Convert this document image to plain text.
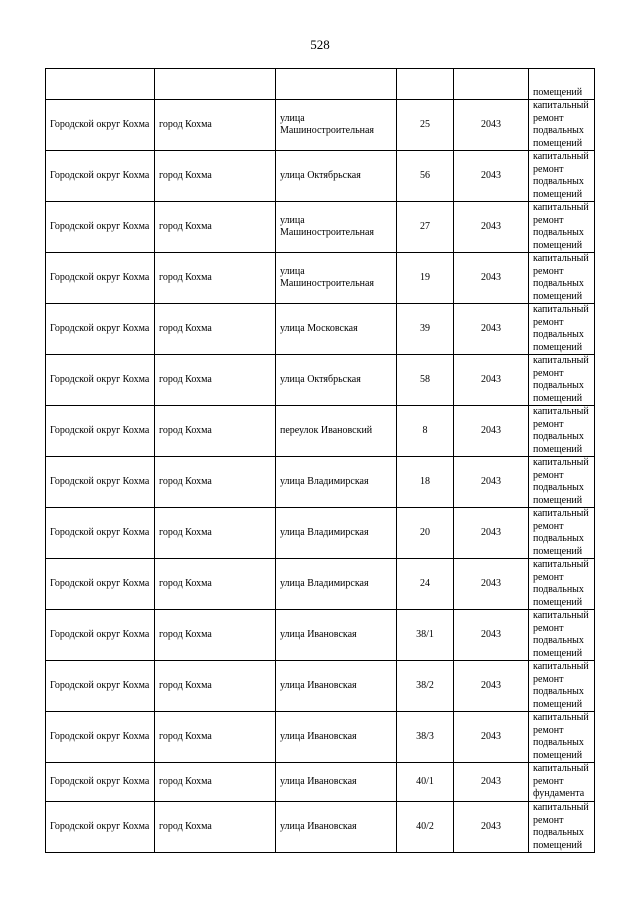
528
					помещений
Городской округ Кохма	город Кохма	улица Машиностроительная	25	2043	капитальный ремонт подвальных помещений
Городской округ Кохма	город Кохма	улица Октябрьская	56	2043	капитальный ремонт подвальных помещений
Городской округ Кохма	город Кохма	улица Машиностроительная	27	2043	капитальный ремонт подвальных помещений
Городской округ Кохма	город Кохма	улица Машиностроительная	19	2043	капитальный ремонт подвальных помещений
Городской округ Кохма	город Кохма	улица Московская	39	2043	капитальный ремонт подвальных помещений
Городской округ Кохма	город Кохма	улица Октябрьская	58	2043	капитальный ремонт подвальных помещений
Городской округ Кохма	город Кохма	переулок Ивановский	8	2043	капитальный ремонт подвальных помещений
Городской округ Кохма	город Кохма	улица Владимирская	18	2043	капитальный ремонт подвальных помещений
Городской округ Кохма	город Кохма	улица Владимирская	20	2043	капитальный ремонт подвальных помещений
Городской округ Кохма	город Кохма	улица Владимирская	24	2043	капитальный ремонт подвальных помещений
Городской округ Кохма	город Кохма	улица Ивановская	38/1	2043	капитальный ремонт подвальных помещений
Городской округ Кохма	город Кохма	улица Ивановская	38/2	2043	капитальный ремонт подвальных помещений
Городской округ Кохма	город Кохма	улица Ивановская	38/3	2043	капитальный ремонт подвальных помещений
Городской округ Кохма	город Кохма	улица Ивановская	40/1	2043	капитальный ремонт фундамента
Городской округ Кохма	город Кохма	улица Ивановская	40/2	2043	капитальный ремонт подвальных помещений
